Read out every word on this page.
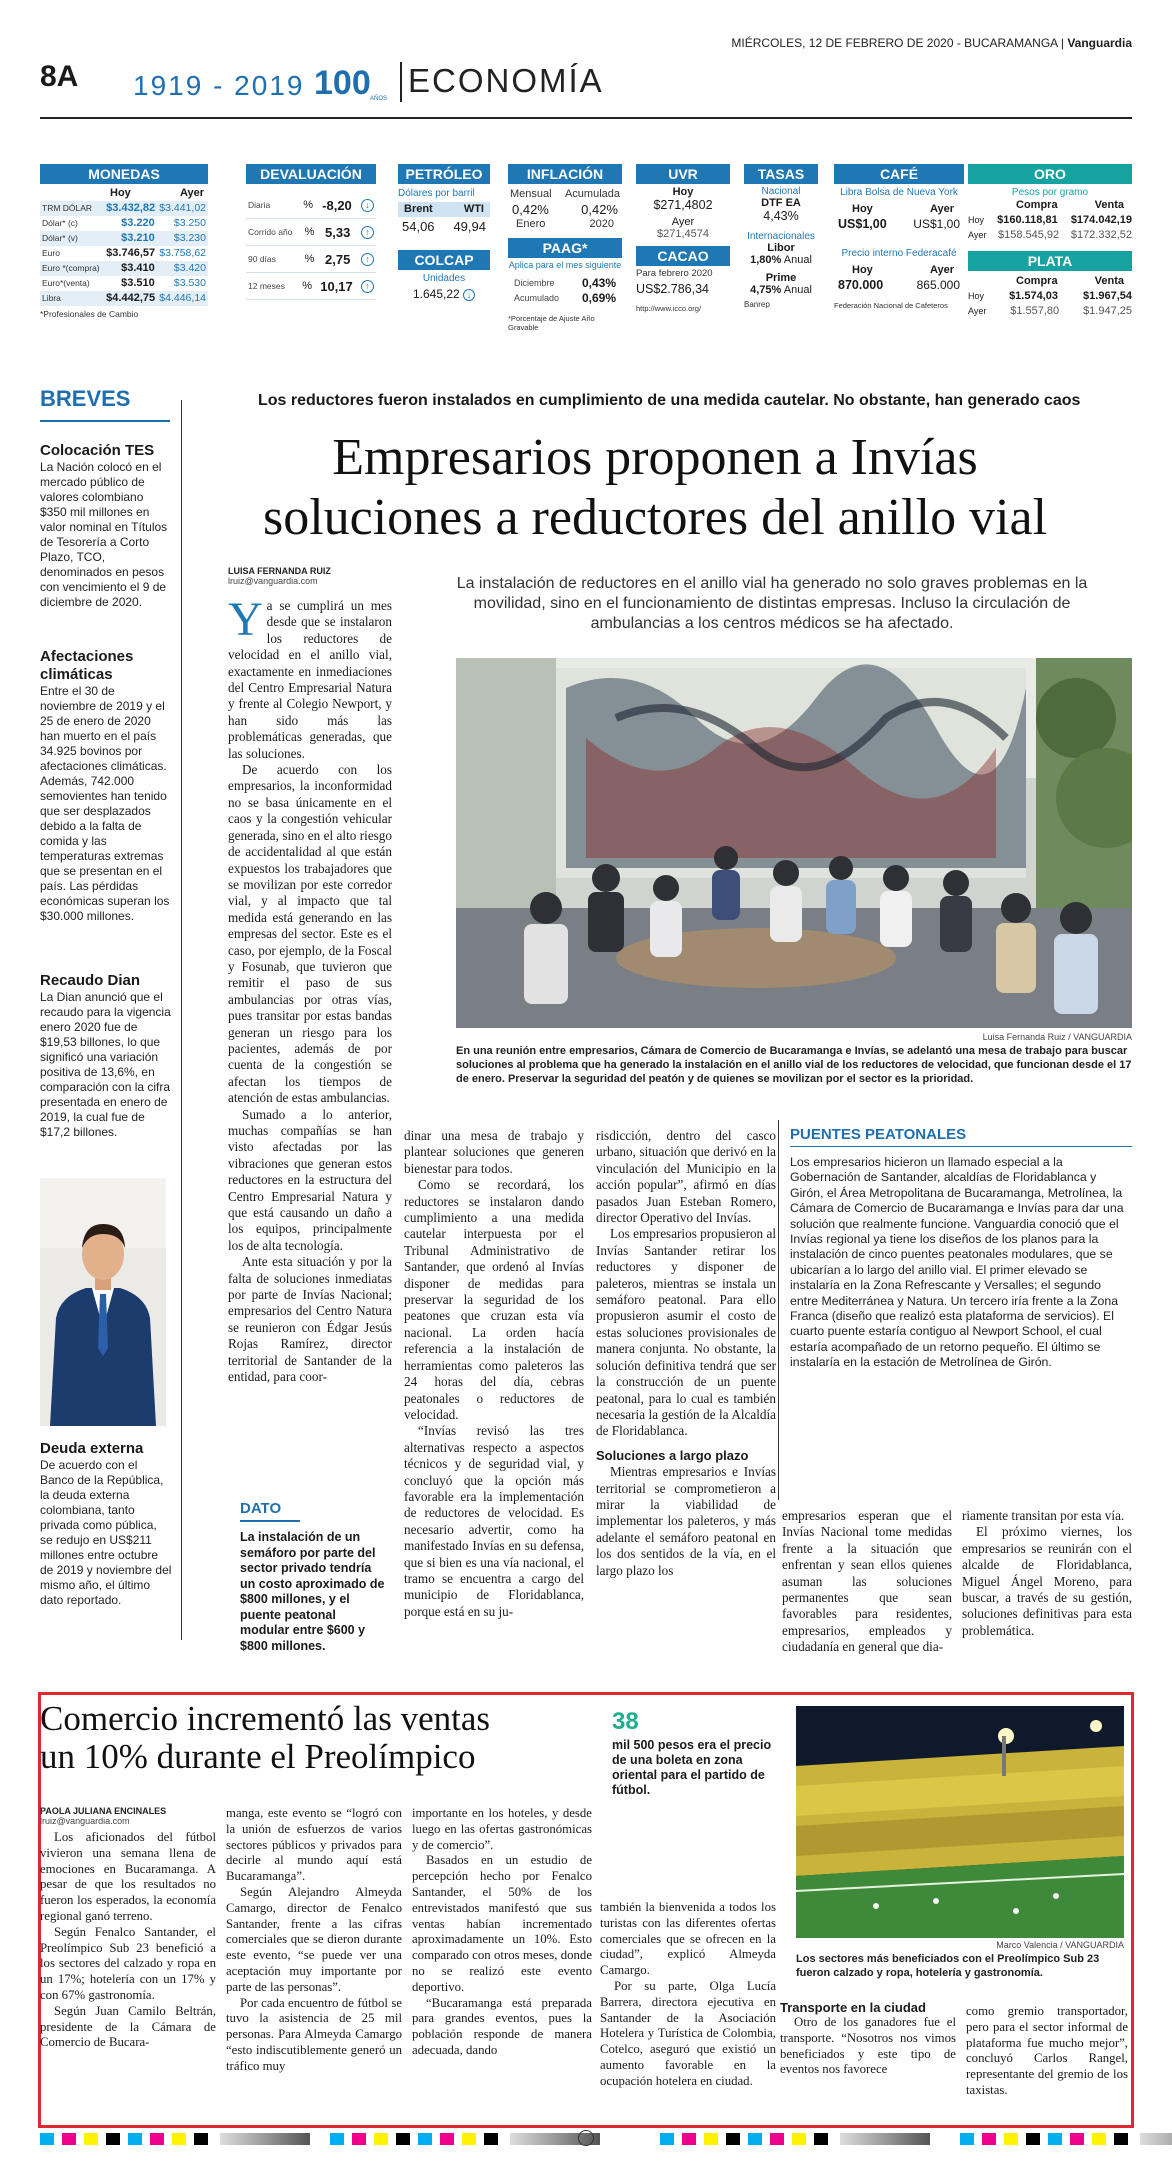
MIÉRCOLES, 12 DE FEBRERO DE 2020 - BUCARAMANGA | Vanguardia
8A 1919 - 2019 100 AÑOS ECONOMÍA
MONEDAS
Hoy	Ayer
TRM DÓLAR	$3.432,82 $3.441,02
Dólar* (c)	$3.220 $3.250
Dólar* (v)	$3.210 $3.230
Euro	$3.746,57 $3.758,62
Euro *(compra) $3.410 $3.420
Euro*(venta)	$3.510 $3.530
Libra	$4.442,75 $4.446,14
*Profesionales de Cambio
DEVALUACIÓN
Diaria	% -8,20	↓
Corrido año % 5,33	↑
90 días	% 2,75	↑
12 meses	% 10,17	↑
PETRÓLEO
Dólares por barril
Brent	WTI
54,06 49,94
COLCAP
Unidades
1.645,22 ↓
INFLACIÓN
Mensual Acumulada
0,42% 0,42%
Enero	2020
PAAG*
Aplica para el mes siguiente
Diciembre 0,43%
Acumulado 0,69%
*Porcentaje de Ajuste Año Gravable
UVR
Hoy
$271,4802
Ayer
$271,4574
CACAO
Para febrero 2020
US$2.786,34
http://www.icco.org/
TASAS
Nacional
DTF EA
4,43%
Internacionales
Libor
1,80% Anual
Prime
4,75% Anual
Banrep
CAFÉ
Libra Bolsa de Nueva York
Hoy	Ayer
US$1,00 US$1,00
Precio interno Federacafé
Hoy	Ayer
870.000	865.000
Federación Nacional de Cafeteros
ORO
Pesos por gramo
Compra	Venta
Hoy $160.118,81 $174.042,19
Ayer $158.545,92 $172.332,52
PLATA
Compra	Venta
Hoy $1.574,03 $1.967,54
Ayer $1.557,80 $1.947,25
BREVES
Colocación TES
La Nación colocó en el mercado público de valores colombiano $350 mil millones en valor nominal en Títulos de Tesorería a Corto Plazo, TCO, denominados en pesos con vencimiento el 9 de diciembre de 2020.
Afectaciones climáticas
Entre el 30 de noviembre de 2019 y el 25 de enero de 2020 han muerto en el país 34.925 bovinos por afectaciones climáticas. Además, 742.000 semovientes han tenido que ser desplazados debido a la falta de comida y las temperaturas extremas que se presentan en el país. Las pérdidas económicas superan los $30.000 millones.
Recaudo Dian
La Dian anunció que el recaudo para la vigencia enero 2020 fue de $19,53 billones, lo que significó una variación positiva de 13,6%, en comparación con la cifra presentada en enero de 2019, la cual fue de $17,2 billones.
Deuda externa
De acuerdo con el Banco de la República, la deuda externa colombiana, tanto privada como pública, se redujo en US$211 millones entre octubre de 2019 y noviembre del mismo año, el último dato reportado.
Los reductores fueron instalados en cumplimiento de una medida cautelar. No obstante, han generado caos
Empresarios proponen a Invías
soluciones a reductores del anillo vial
LUISA FERNANDA RUIZ
lruiz@vanguardia.com	La instalación de reductores en el anillo vial ha generado no solo graves problemas en la movilidad, sino en el funcionamiento de distintas empresas. Incluso la circulación de ambulancias a los centros médicos se ha afectado.
Luisa Fernanda Ruiz / VANGUARDIA
En una reunión entre empresarios, Cámara de Comercio de Bucaramanga e Invías, se adelantó una mesa de trabajo para buscar soluciones al problema que ha generado la instalación en el anillo vial de los reductores de velocidad, que funcionan desde el 17 de enero. Preservar la seguridad del peatón y de quienes se movilizan por el sector es la prioridad.

Ya se cumplirá un mes desde que se instalaron los reductores de velocidad en el anillo vial, exactamente en inmediaciones del Centro Empresarial Natura y frente al Colegio Newport, y han sido más las problemáticas generadas, que las soluciones.

De acuerdo con los empresarios, la inconformidad no se basa únicamente en el caos y la congestión vehicular generada, sino en el alto riesgo de accidentalidad al que están expuestos los trabajadores que se movilizan por este corredor vial, y al impacto que tal medida está generando en las empresas del sector. Este es el caso, por ejemplo, de la Foscal y Fosunab, que tuvieron que remitir el paso de sus ambulancias por otras vías, pues transitar por estas bandas generan un riesgo para los pacientes, además de por cuenta de la congestión se afectan los tiempos de atención de estas ambulancias.

Sumado a lo anterior, muchas compañías se han visto afectadas por las vibraciones que generan estos reductores en la estructura del Centro Empresarial Natura y que está causando un daño a los equipos, principalmente los de alta tecnología.

Ante esta situación y por la falta de soluciones inmediatas por parte de Invías Nacional; empresarios del Centro Natura se reunieron con Édgar Jesús Rojas Ramírez, director territorial de Santander de la entidad, para coor-

dinar una mesa de trabajo y plantear soluciones que generen bienestar para todos.

Como se recordará, los reductores se instalaron dando cumplimiento a una medida cautelar interpuesta por el Tribunal Administrativo de Santander, que ordenó al Invías disponer de medidas para preservar la seguridad de los peatones que cruzan esta vía nacional. La orden hacía referencia a la instalación de herramientas como paleteros las 24 horas del día, cebras peatonales o reductores de velocidad.

“Invías revisó las tres alternativas respecto a aspectos técnicos y de seguridad vial, y concluyó que la opción más favorable era la implementación de reductores de velocidad. Es necesario advertir, como ha manifestado Invías en su defensa, que si bien es una vía nacional, el tramo se encuentra a cargo del municipio de Floridablanca, porque está en su ju-

risdicción, dentro del casco urbano, situación que derivó en la vinculación del Municipio en la acción popular”, afirmó en días pasados Juan Esteban Romero, director Operativo del Invías.

Los empresarios propusieron al Invías Santander retirar los reductores y disponer de paleteros, mientras se instala un semáforo peatonal. Para ello propusieron asumir el costo de estas soluciones provisionales de manera conjunta. No obstante, la solución definitiva tendrá que ser la construcción de un puente peatonal, para lo cual es también necesaria la gestión de la Alcaldía de Floridablanca.

Soluciones a largo plazo

Mientras empresarios e Invías territorial se comprometieron a mirar la viabilidad de implementar los paleteros, y más adelante el semáforo peatonal en los dos sentidos de la vía, en el largo plazo los

empresarios esperan que el Invías Nacional tome medidas frente a la situación que enfrentan y sean ellos quienes asuman las soluciones permanentes que sean favorables para residentes, empresarios, empleados y ciudadanía en general que dia-

riamente transitan por esta vía.

El próximo viernes, los empresarios se reunirán con el alcalde de Floridablanca, Miguel Ángel Moreno, para buscar, a través de su gestión, soluciones definitivas para esta problemática.

DATO
La instalación de un semáforo por parte del sector privado tendría un costo aproximado de $800 millones, y el puente peatonal modular entre $600 y $800 millones.
PUENTES PEATONALES
Los empresarios hicieron un llamado especial a la Gobernación de Santander, alcaldías de Floridablanca y Girón, el Área Metropolitana de Bucaramanga, Metrolínea, la Cámara de Comercio de Bucaramanga e Invías para dar una solución que realmente funcione. Vanguardia conoció que el Invías regional ya tiene los diseños de los planos para la instalación de cinco puentes peatonales modulares, que se ubicarían a lo largo del anillo vial. El primer elevado se instalaría en la Zona Refrescante y Versalles; el segundo entre Mediterránea y Natura. Un tercero iría frente a la Zona Franca (diseño que realizó esta plataforma de servicios). El cuarto puente estaría contiguo al Newport School, el cual estaría acompañado de un retorno pequeño. El último se instalaría en la estación de Metrolínea de Girón.
Comercio incrementó las ventas
un 10% durante el Preolímpico
38
mil 500 pesos era el precio de una boleta en zona oriental para el partido de fútbol.
PAOLA JULIANA ENCINALES
lruiz@vanguardia.com

Los aficionados del fútbol vivieron una semana llena de emociones en Bucaramanga. A pesar de que los resultados no fueron los esperados, la economía regional ganó terreno.

Según Fenalco Santander, el Preolímpico Sub 23 benefició a los sectores del calzado y ropa en un 17%; hotelería con un 17% y con 67% gastronomía.

Según Juan Camilo Beltrán, presidente de la Cámara de Comercio de Bucara-

manga, este evento se “logró con la unión de esfuerzos de varios sectores públicos y privados para decirle al mundo aquí está Bucaramanga”.

Según Alejandro Almeyda Camargo, director de Fenalco Santander, frente a las cifras comerciales que se dieron durante este evento, “se puede ver una aceptación muy importante por parte de las personas”.

Por cada encuentro de fútbol se tuvo la asistencia de 25 mil personas. Para Almeyda Camargo “esto indiscutiblemente generó un tráfico muy

importante en los hoteles, y desde luego en las ofertas gastronómicas y de comercio”.

Basados en un estudio de percepción hecho por Fenalco Santander, el 50% de los entrevistados manifestó que sus ventas habían incrementado aproximadamente un 10%. Esto comparado con otros meses, donde no se realizó este evento deportivo.

“Bucaramanga está preparada para grandes eventos, pues la población responde de manera adecuada, dando

también la bienvenida a todos los turistas con las diferentes ofertas comerciales que se ofrecen en la ciudad”, explicó Almeyda Camargo.

Por su parte, Olga Lucía Barrera, directora ejecutiva en Santander de la Asociación Hotelera y Turística de Colombia, Cotelco, aseguró que existió un aumento favorable en la ocupación hotelera en ciudad.

Marco Valencia / VANGUARDIA
Los sectores más beneficiados con el Preolímpico Sub 23 fueron calzado y ropa, hotelería y gastronomía.

Transporte en la ciudad

Otro de los ganadores fue el transporte. “Nosotros nos vimos beneficiados y este tipo de eventos nos favorece

como gremio transportador, pero para el sector informal de plataforma fue mucho mejor”, concluyó Carlos Rangel, representante del gremio de los taxistas.
